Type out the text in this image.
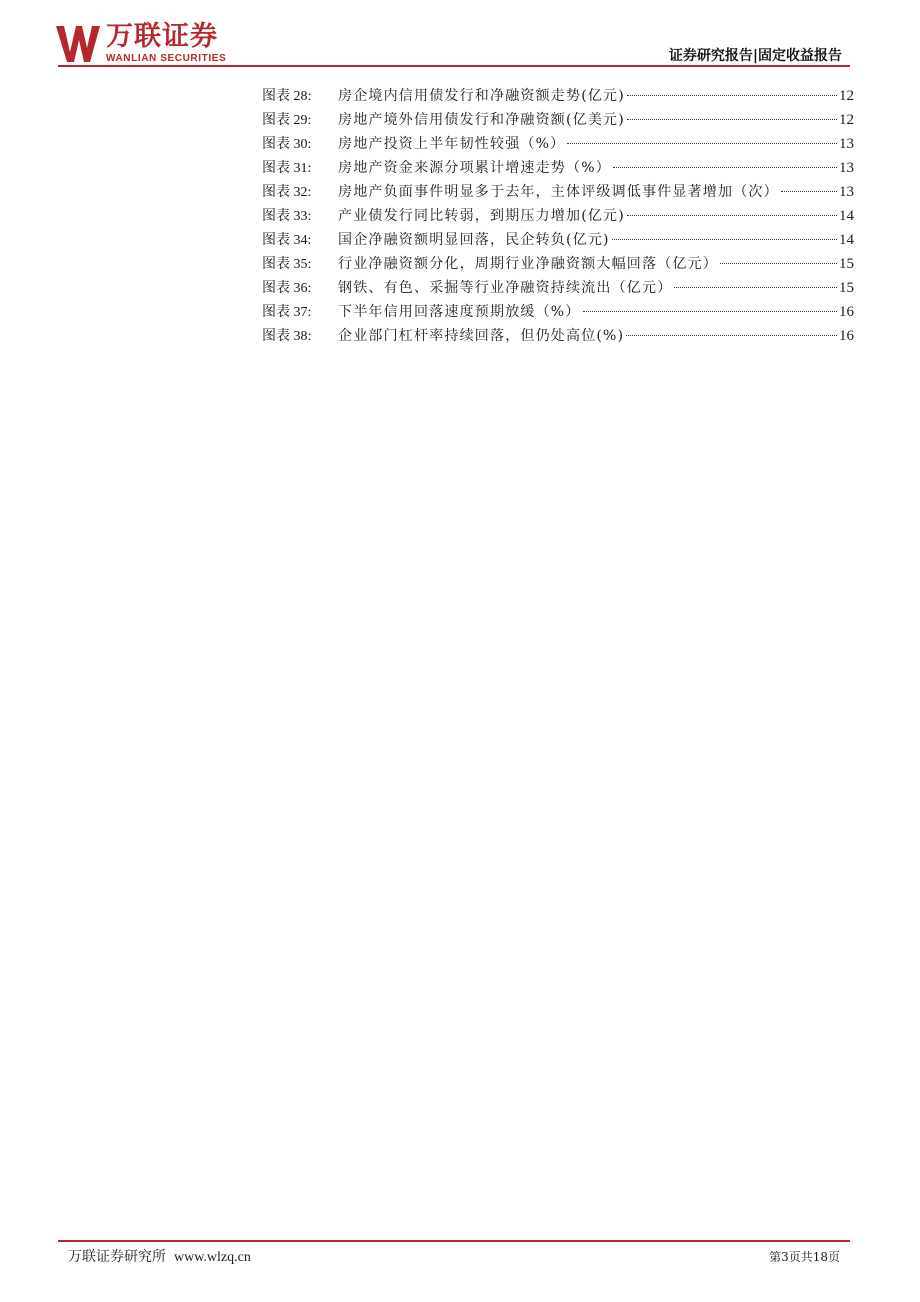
万联证券
WANLIAN SECURITIES	证券研究报告|固定收益报告
图表 28:	房企境内信用债发行和净融资额走势(亿元)	12
图表 29:	房地产境外信用债发行和净融资额(亿美元)	12
图表 30:	房地产投资上半年韧性较强（%）	13
图表 31:	房地产资金来源分项累计增速走势（%）	13
图表 32:	房地产负面事件明显多于去年，主体评级调低事件显著增加（次）	13
图表 33:	产业债发行同比转弱，到期压力增加(亿元)	14
图表 34:	国企净融资额明显回落，民企转负(亿元)	14
图表 35:	行业净融资额分化，周期行业净融资额大幅回落（亿元）	15
图表 36:	钢铁、有色、采掘等行业净融资持续流出（亿元）	15
图表 37:	下半年信用回落速度预期放缓（%）	16
图表 38:	企业部门杠杆率持续回落，但仍处高位(%)	16
万联证券研究所 www.wlzq.cn	第3页共18页
